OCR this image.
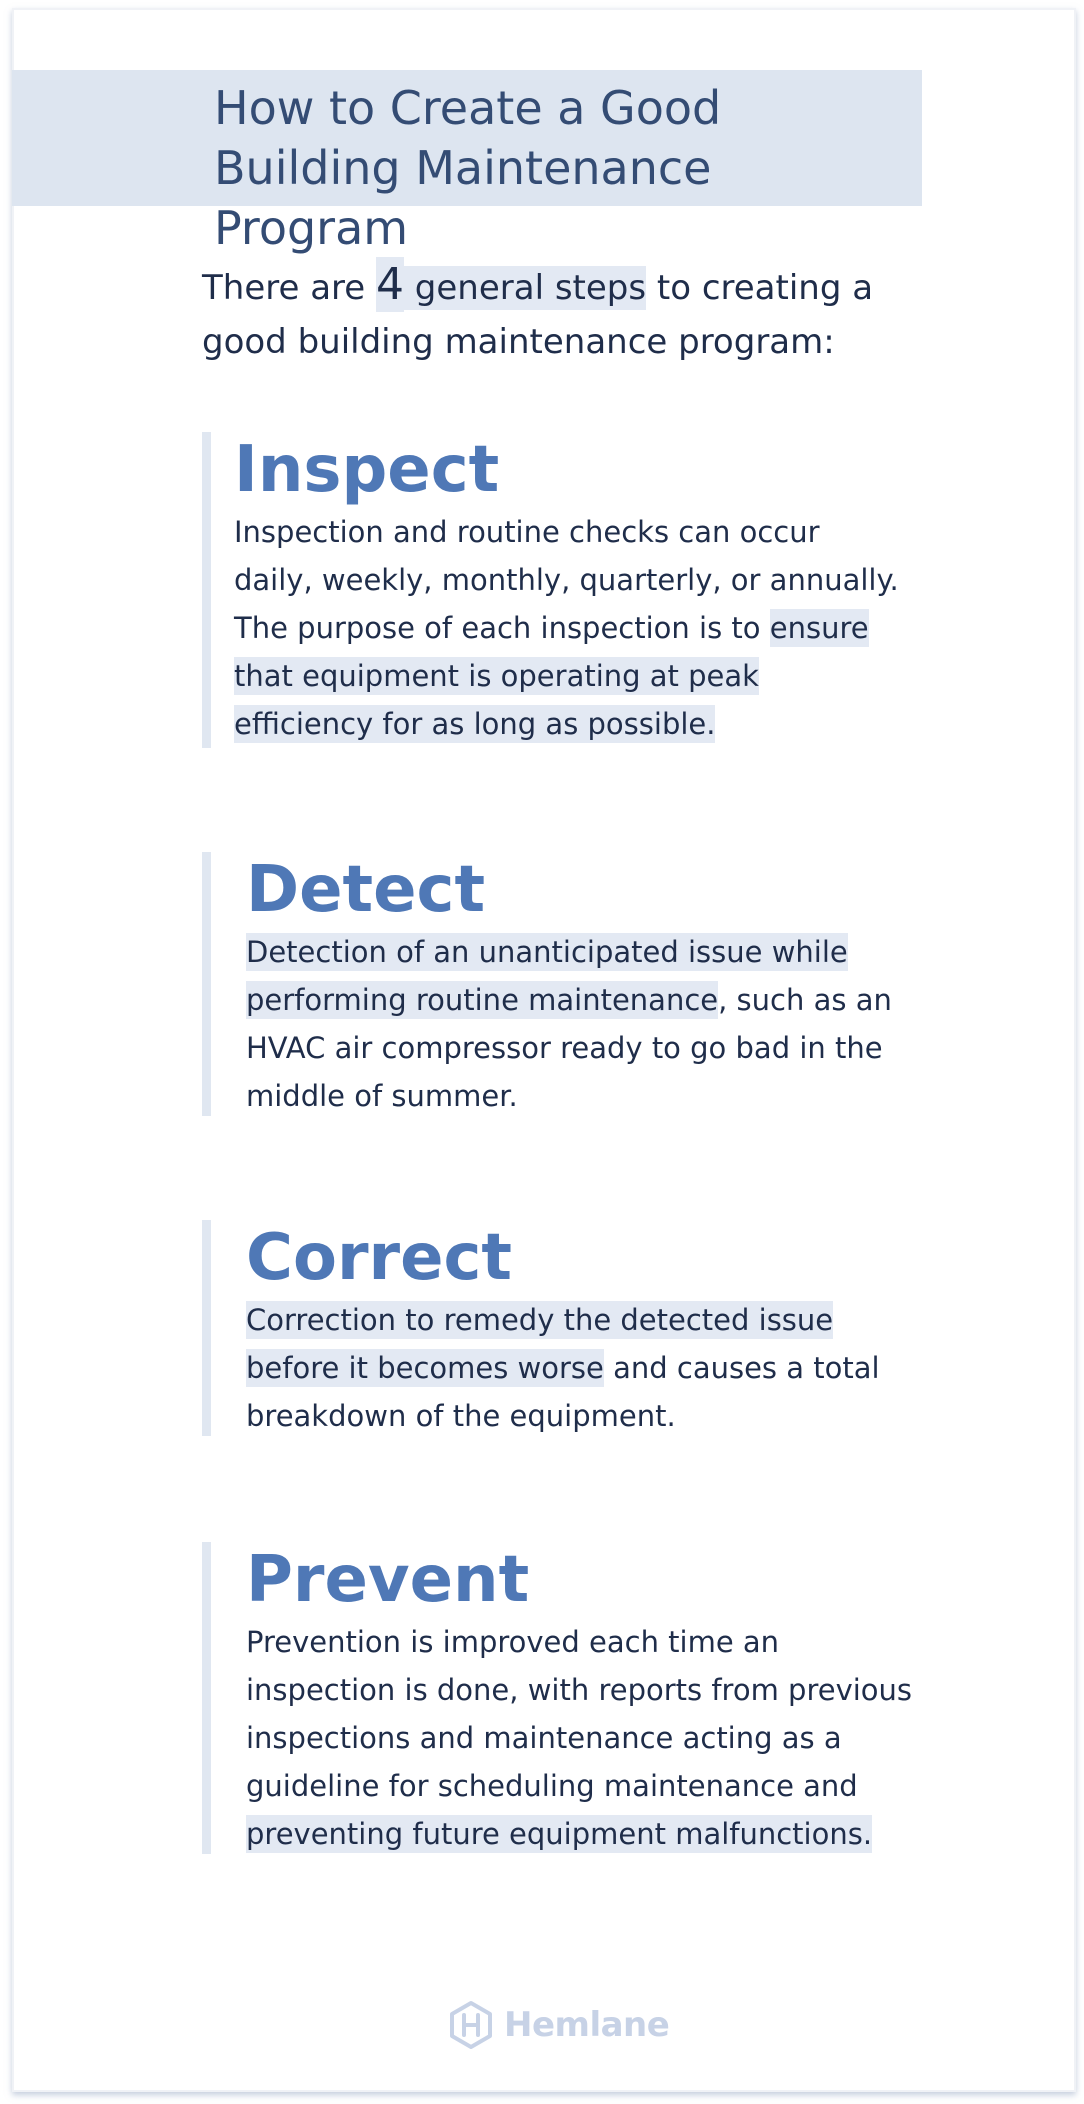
How to Create a Good Building Maintenance Program

There are 4 general steps to creating a good building maintenance program:

Inspect

Inspection and routine checks can occur daily, weekly, monthly, quarterly, or annually. The purpose of each inspection is to ensure that equipment is operating at peak efficiency for as long as possible.

Detect

Detection of an unanticipated issue while performing routine maintenance, such as an HVAC air compressor ready to go bad in the middle of summer.

Correct

Correction to remedy the detected issue before it becomes worse and causes a total breakdown of the equipment.

Prevent

Prevention is improved each time an inspection is done, with reports from previous inspections and maintenance acting as a guideline for scheduling maintenance and preventing future equipment malfunctions.

Hemlane
